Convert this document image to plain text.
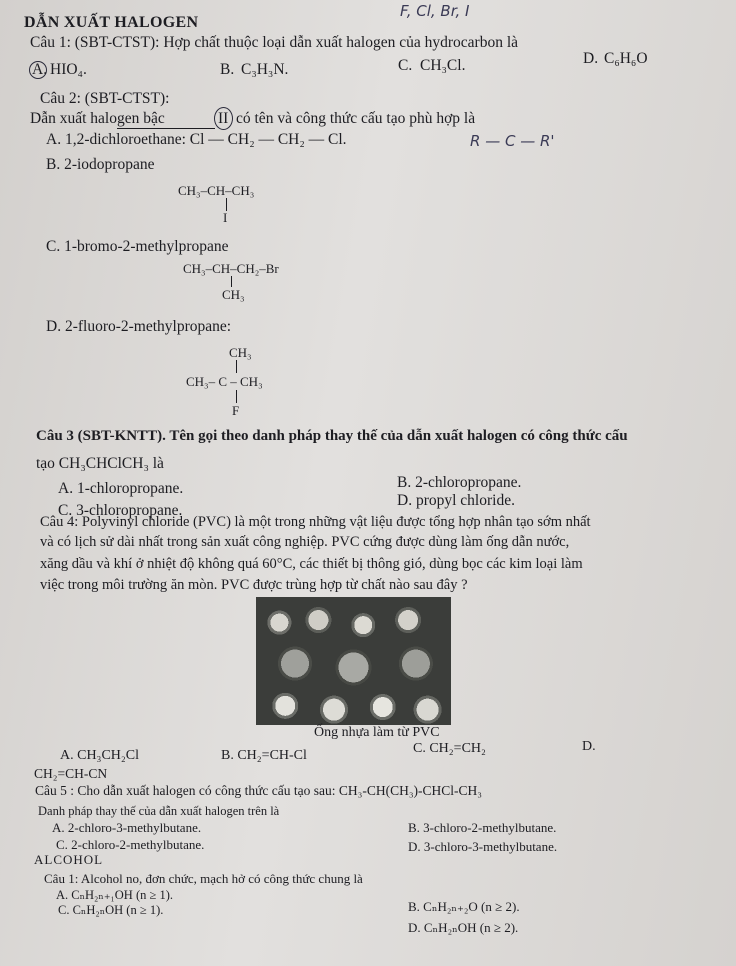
DẪN XUẤT HALOGEN
F, Cl, Br, I
Câu 1: (SBT-CTST): Hợp chất thuộc loại dẫn xuất halogen của hydrocarbon là
A. HIO₄.	B. C₃H₃N.	C. CH₃Cl.	D. C₆H₆O
Câu 2: (SBT-CTST):
Dẫn xuất halogen bậc	II có tên và công thức cấu tạo phù hợp là
A. 1,2-dichloroethane: Cl — CH₂ — CH₂ — Cl.	R — C — R'
B. 2-iodopropane
CH₃–CH–CH₃
I
C. 1-bromo-2-methylpropane
CH₃–CH–CH₂–Br
CH₃
D. 2-fluoro-2-methylpropane:
CH₃
CH₃– C – CH₃
F
Câu 3 (SBT-KNTT). Tên gọi theo danh pháp thay thế của dẫn xuất halogen có công thức cấu
tạo CH₃CHClCH₃ là
A. 1-chloropropane.	B. 2-chloropropane.
C. 3-chloropropane.
D. propyl chloride.
Câu 4: Polyvinyl chloride (PVC) là một trong những vật liệu được tổng hợp nhân tạo sớm nhất
và có lịch sử dài nhất trong sản xuất công nghiệp. PVC cứng được dùng làm ống dẫn nước,
xăng dầu và khí ở nhiệt độ không quá 60°C, các thiết bị thông gió, dùng bọc các kim loại làm
việc trong môi trường ăn mòn. PVC được trùng hợp từ chất nào sau đây ?
Ống nhựa làm từ PVC
A. CH₃CH₂Cl	B. CH₂=CH-Cl	C. CH₂=CH₂	D.
CH₂=CH-CN
Câu 5 : Cho dẫn xuất halogen có công thức cấu tạo sau: CH₃-CH(CH₃)-CHCl-CH₃
Danh pháp thay thế của dẫn xuất halogen trên là
A. 2-chloro-3-methylbutane.	B. 3-chloro-2-methylbutane.
C. 2-chloro-2-methylbutane.	D. 3-chloro-3-methylbutane.
ALCOHOL
Câu 1: Alcohol no, đơn chức, mạch hở có công thức chung là
A. CₙH₂ₙ₊₁OH (n ≥ 1).
C. CₙH₂ₙOH (n ≥ 1).	B. CₙH₂ₙ₊₂O (n ≥ 2).
D. CₙH₂ₙOH (n ≥ 2).
